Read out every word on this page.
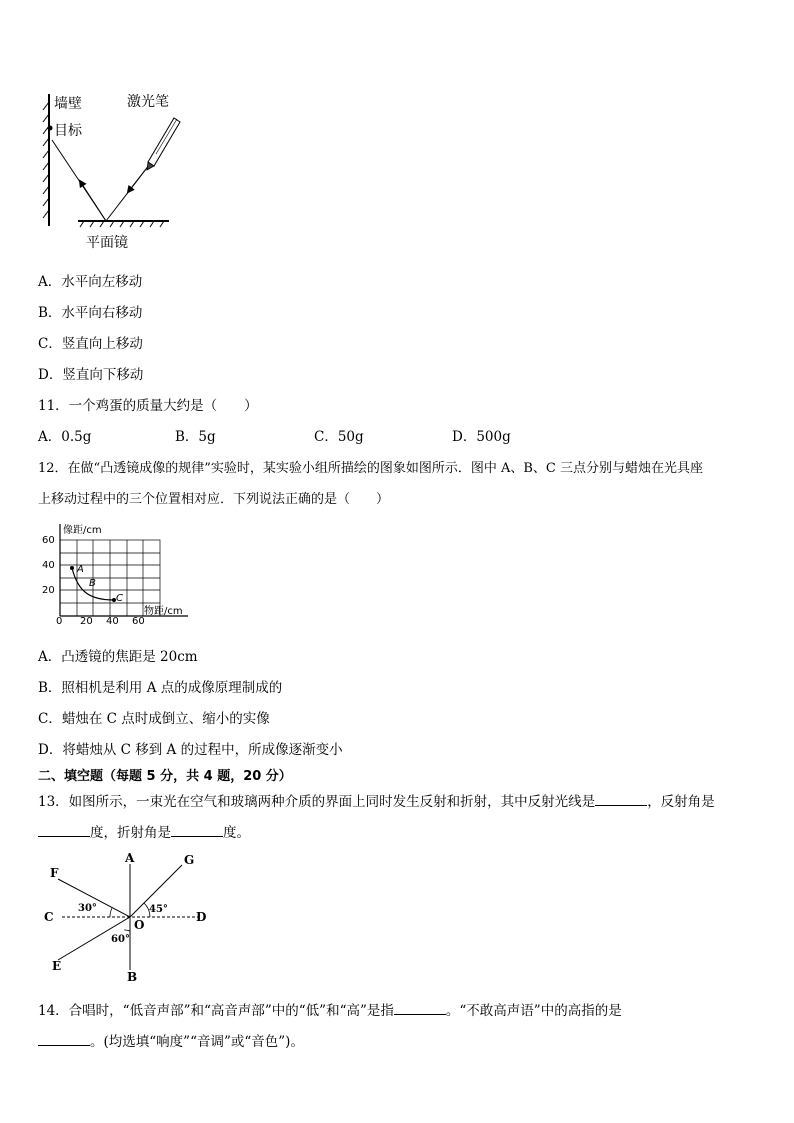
墙壁
目标
激光笔
平面镜
A．水平向左移动
B．水平向右移动
C．竖直向上移动
D．竖直向下移动
11．一个鸡蛋的质量大约是（　　）
A．0.5g	B．5g	C．50g	D．500g
12．在做“凸透镜成像的规律”实验时，某实验小组所描绘的图象如图所示．图中 A、B、C 三点分别与蜡烛在光具座
上移动过程中的三个位置相对应．下列说法正确的是（　　）
像距/cm
物距/cm
60
40
20
0 20 40 60
A
B
C
A．凸透镜的焦距是 20cm
B．照相机是利用 A 点的成像原理制成的
C．蜡烛在 C 点时成倒立、缩小的实像
D．将蜡烛从 C 移到 A 的过程中，所成像逐渐变小
二、填空题（每题 5 分，共 4 题，20 分）
13．如图所示，一束光在空气和玻璃两种介质的界面上同时发生反射和折射，其中反射光线是	，反射角是
度，折射角是	度。
A
B
C	D
E
F
G
O
30°	45°
60°
14．合唱时，“低音声部”和“高音声部”中的“低”和“高”是指	。“不敢高声语”中的高指的是
。(均选填“响度”“音调”或“音色”)。
